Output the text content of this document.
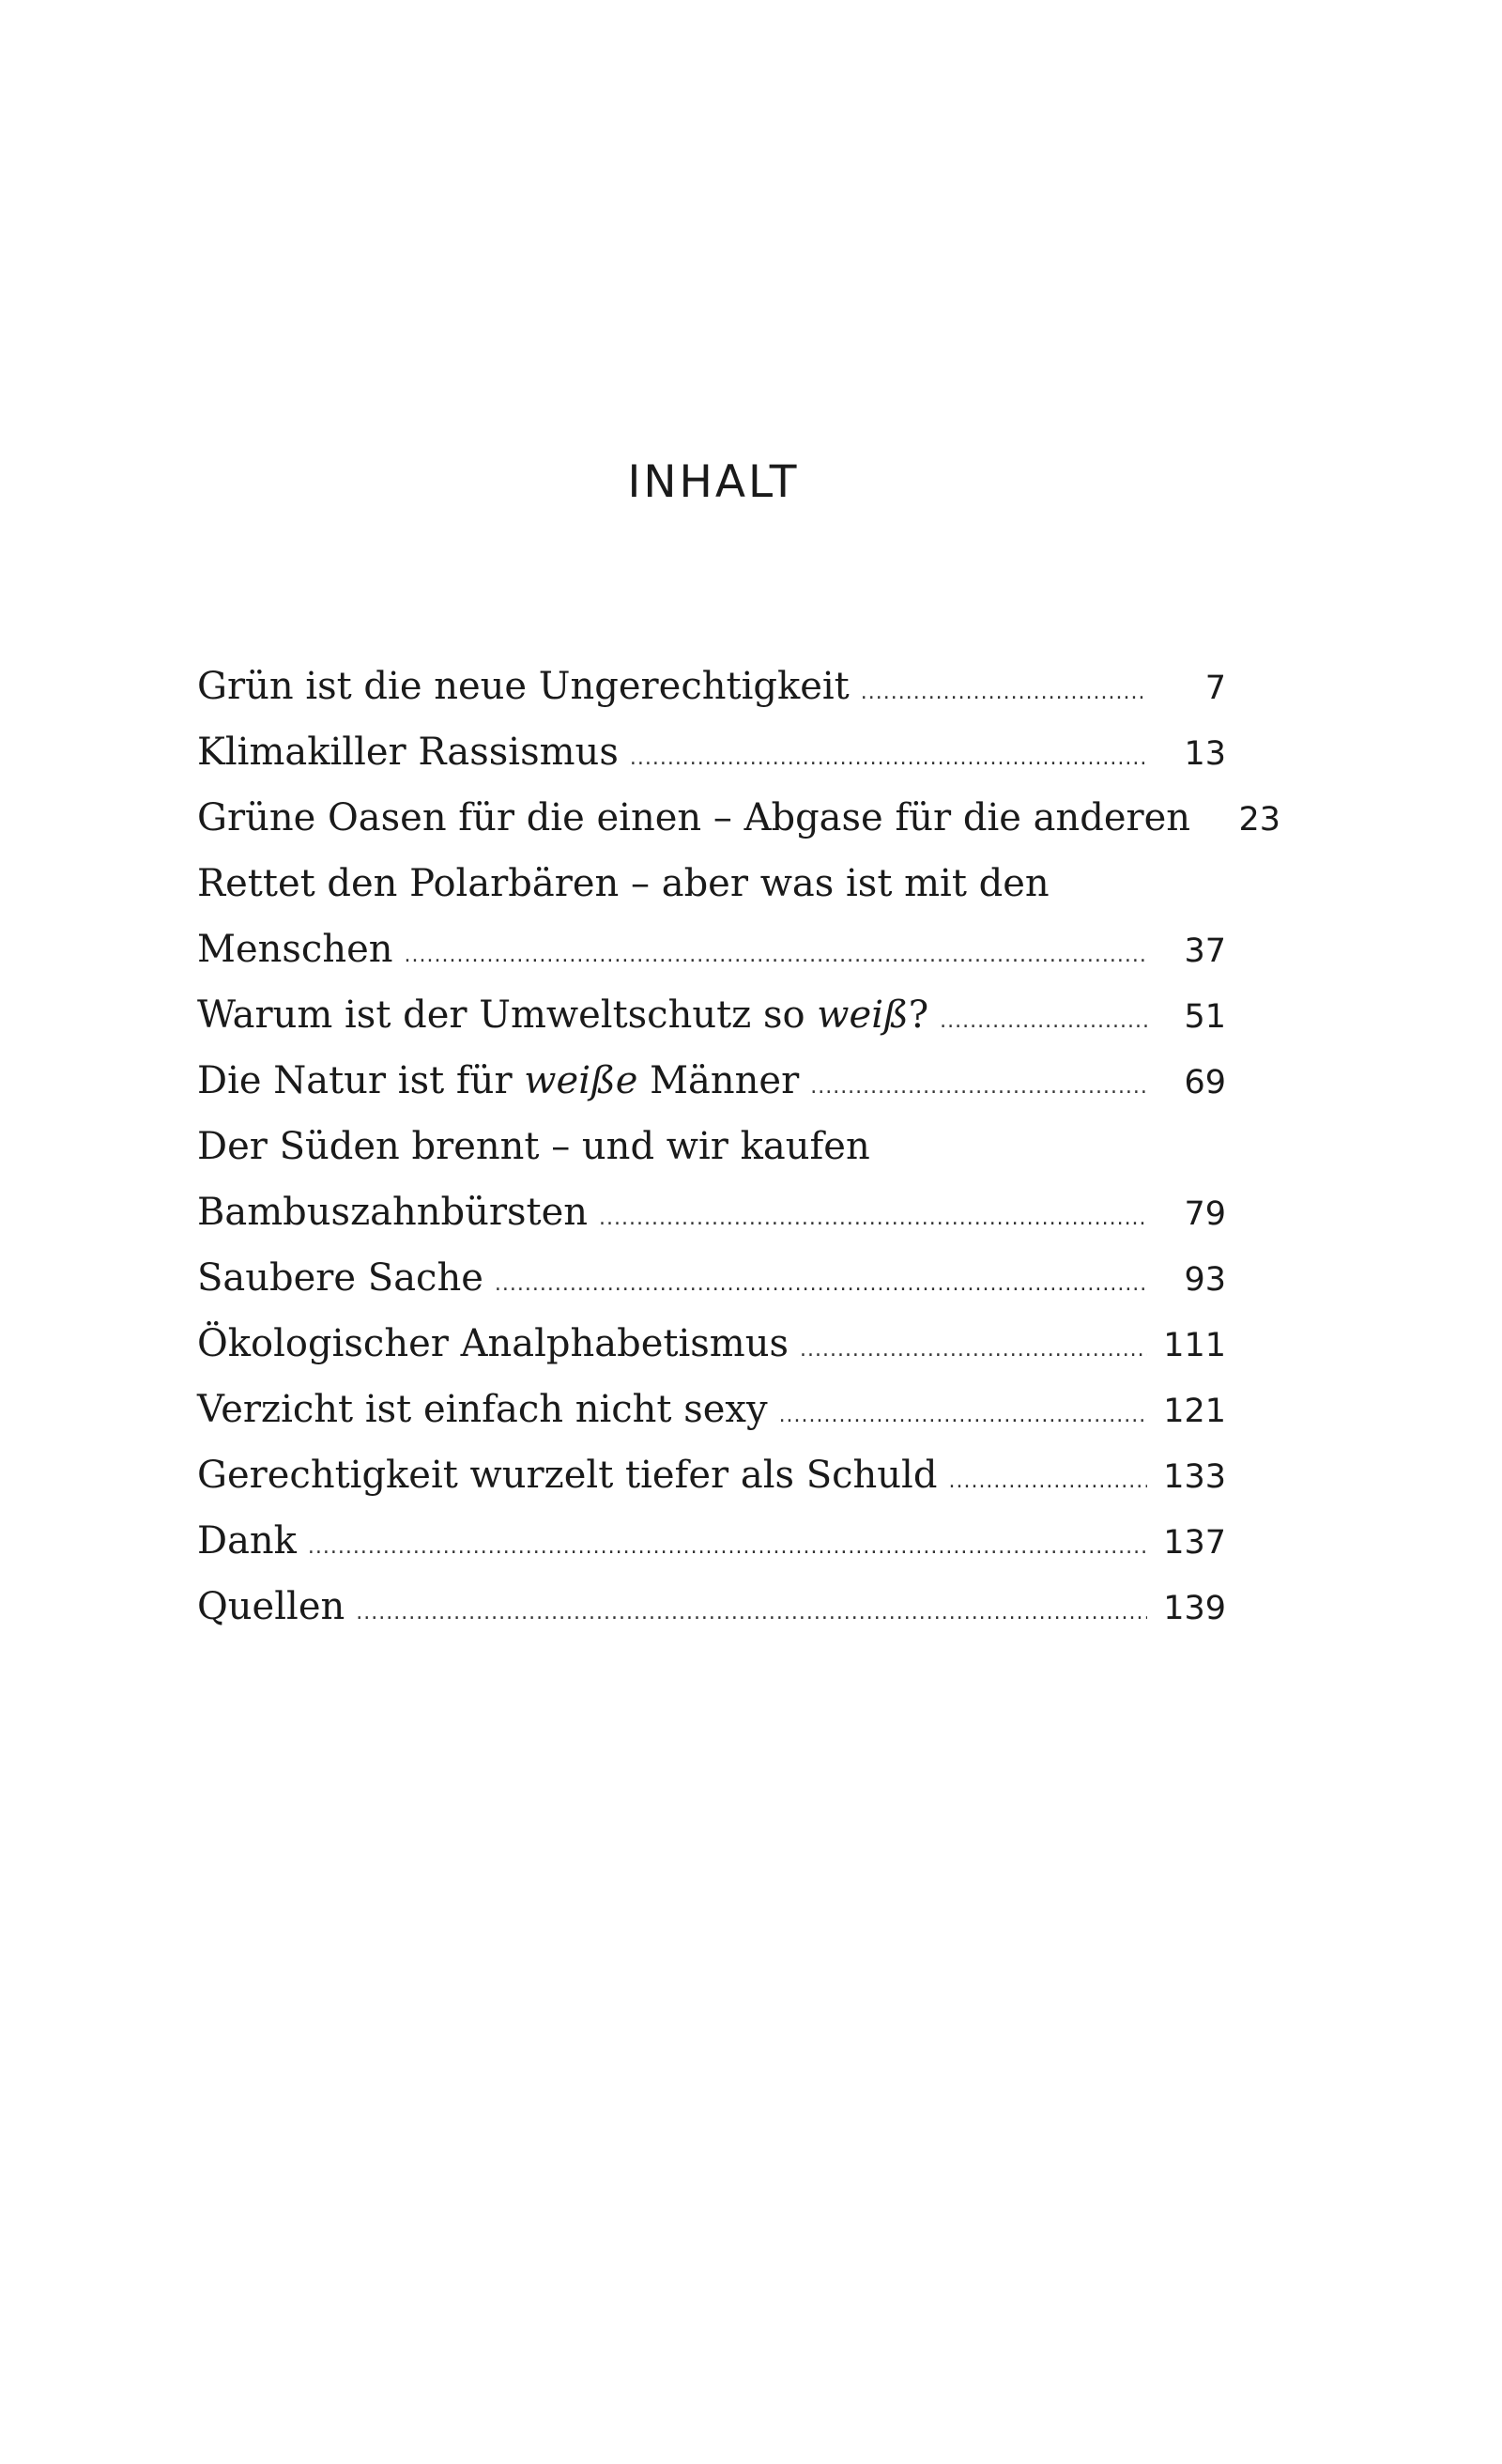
INHALT
Grün ist die neue Ungerechtigkeit .....	7
Klimakiller Rassismus .....	13
Grüne Oasen für die einen – Abgase für die anderen	23
Rettet den Polarbären – aber was ist mit den
Menschen .....	37
Warum ist der Umweltschutz so weiß? .....	51
Die Natur ist für weiße Männer .....	69
Der Süden brennt – und wir kaufen
Bambuszahnbürsten .....	79
Saubere Sache .....	93
Ökologischer Analphabetismus .....	111
Verzicht ist einfach nicht sexy .....	121
Gerechtigkeit wurzelt tiefer als Schuld .....	133
Dank .....	137
Quellen .....	139
